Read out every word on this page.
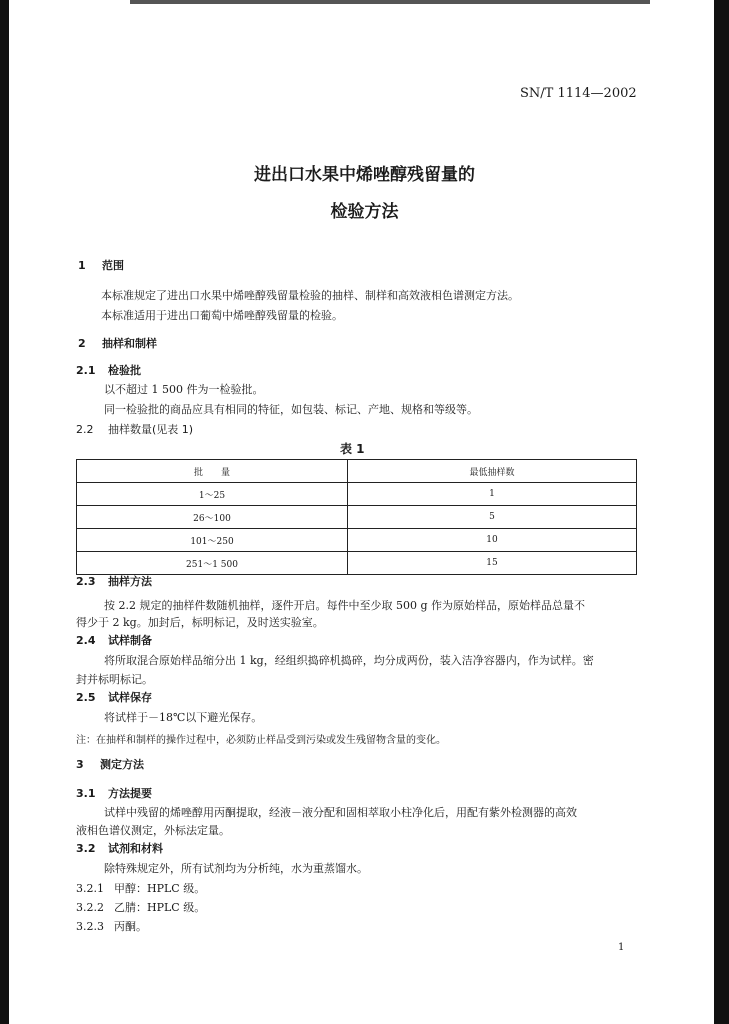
SN/T 1114—2002
进出口水果中烯唑醇残留量的
检验方法
1 范围
本标准规定了进出口水果中烯唑醇残留量检验的抽样、制样和高效液相色谱测定方法。
本标准适用于进出口葡萄中烯唑醇残留量的检验。
2 抽样和制样
2.1 检验批
以不超过 1 500 件为一检验批。
同一检验批的商品应具有相同的特征，如包装、标记、产地、规格和等级等。
2.2 抽样数量(见表 1)
表 1
批　　量	最低抽样数
1～25	1
26～100	5
101～250	10
251～1 500	15
2.3 抽样方法
按 2.2 规定的抽样件数随机抽样，逐件开启。每件中至少取 500 g 作为原始样品，原始样品总量不
得少于 2 kg。加封后，标明标记，及时送实验室。
2.4 试样制备
将所取混合原始样品缩分出 1 kg，经组织捣碎机捣碎，均分成两份，装入洁净容器内，作为试样。密
封并标明标记。
2.5 试样保存
将试样于－18℃以下避光保存。
注：在抽样和制样的操作过程中，必须防止样品受到污染或发生残留物含量的变化。
3 测定方法
3.1 方法提要
试样中残留的烯唑醇用丙酮提取，经液－液分配和固相萃取小柱净化后，用配有紫外检测器的高效
液相色谱仪测定，外标法定量。
3.2 试剂和材料
除特殊规定外，所有试剂均为分析纯，水为重蒸馏水。
3.2.1 甲醇：HPLC 级。
3.2.2 乙腈：HPLC 级。
3.2.3 丙酮。
1
